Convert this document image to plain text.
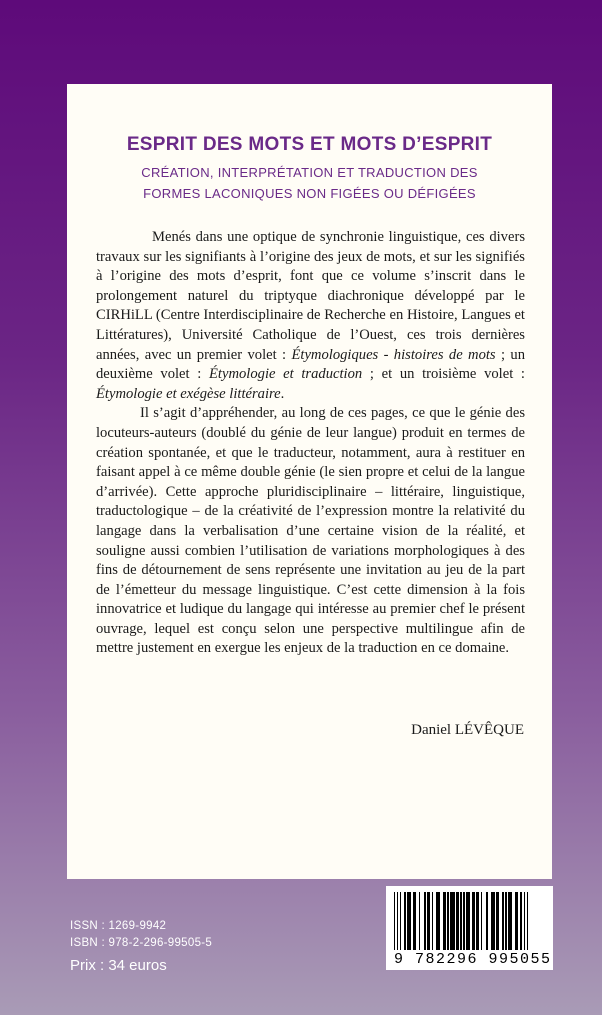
ESPRIT DES MOTS ET MOTS D’ESPRIT
CRÉATION, INTERPRÉTATION ET TRADUCTION DES
FORMES LACONIQUES NON FIGÉES OU DÉFIGÉES

Menés dans une optique de synchronie linguistique, ces divers travaux sur les signifiants à l’origine des jeux de mots, et sur les signifiés à l’origine des mots d’esprit, font que ce volume s’inscrit dans le prolongement naturel du triptyque diachronique développé par le CIRHiLL (Centre Interdisciplinaire de Recherche en Histoire, Langues et Littératures), Université Catholique de l’Ouest, ces trois dernières années, avec un premier volet : Étymologiques - histoires de mots ; un deuxième volet : Étymologie et traduction ; et un troisième volet : Étymologie et exégèse littéraire.

Il s’agit d’appréhender, au long de ces pages, ce que le génie des locuteurs-auteurs (doublé du génie de leur langue) produit en termes de création spontanée, et que le traducteur, notamment, aura à restituer en faisant appel à ce même double génie (le sien propre et celui de la langue d’arrivée). Cette approche pluridisciplinaire – littéraire, linguistique, traductologique – de la créativité de l’expression montre la relativité du langage dans la verbalisation d’une certaine vision de la réalité, et souligne aussi combien l’utilisation de variations morphologiques à des fins de détournement de sens représente une invitation au jeu de la part de l’émetteur du message linguistique. C’est cette dimension à la fois innovatrice et ludique du langage qui intéresse au premier chef le présent ouvrage, lequel est conçu selon une perspective multilingue afin de mettre justement en exergue les enjeux de la traduction en ce domaine.

Daniel LÉVÊQUE
ISSN : 1269-9942
ISBN : 978-2-296-99505-5
Prix : 34 euros	9 782296 995055
